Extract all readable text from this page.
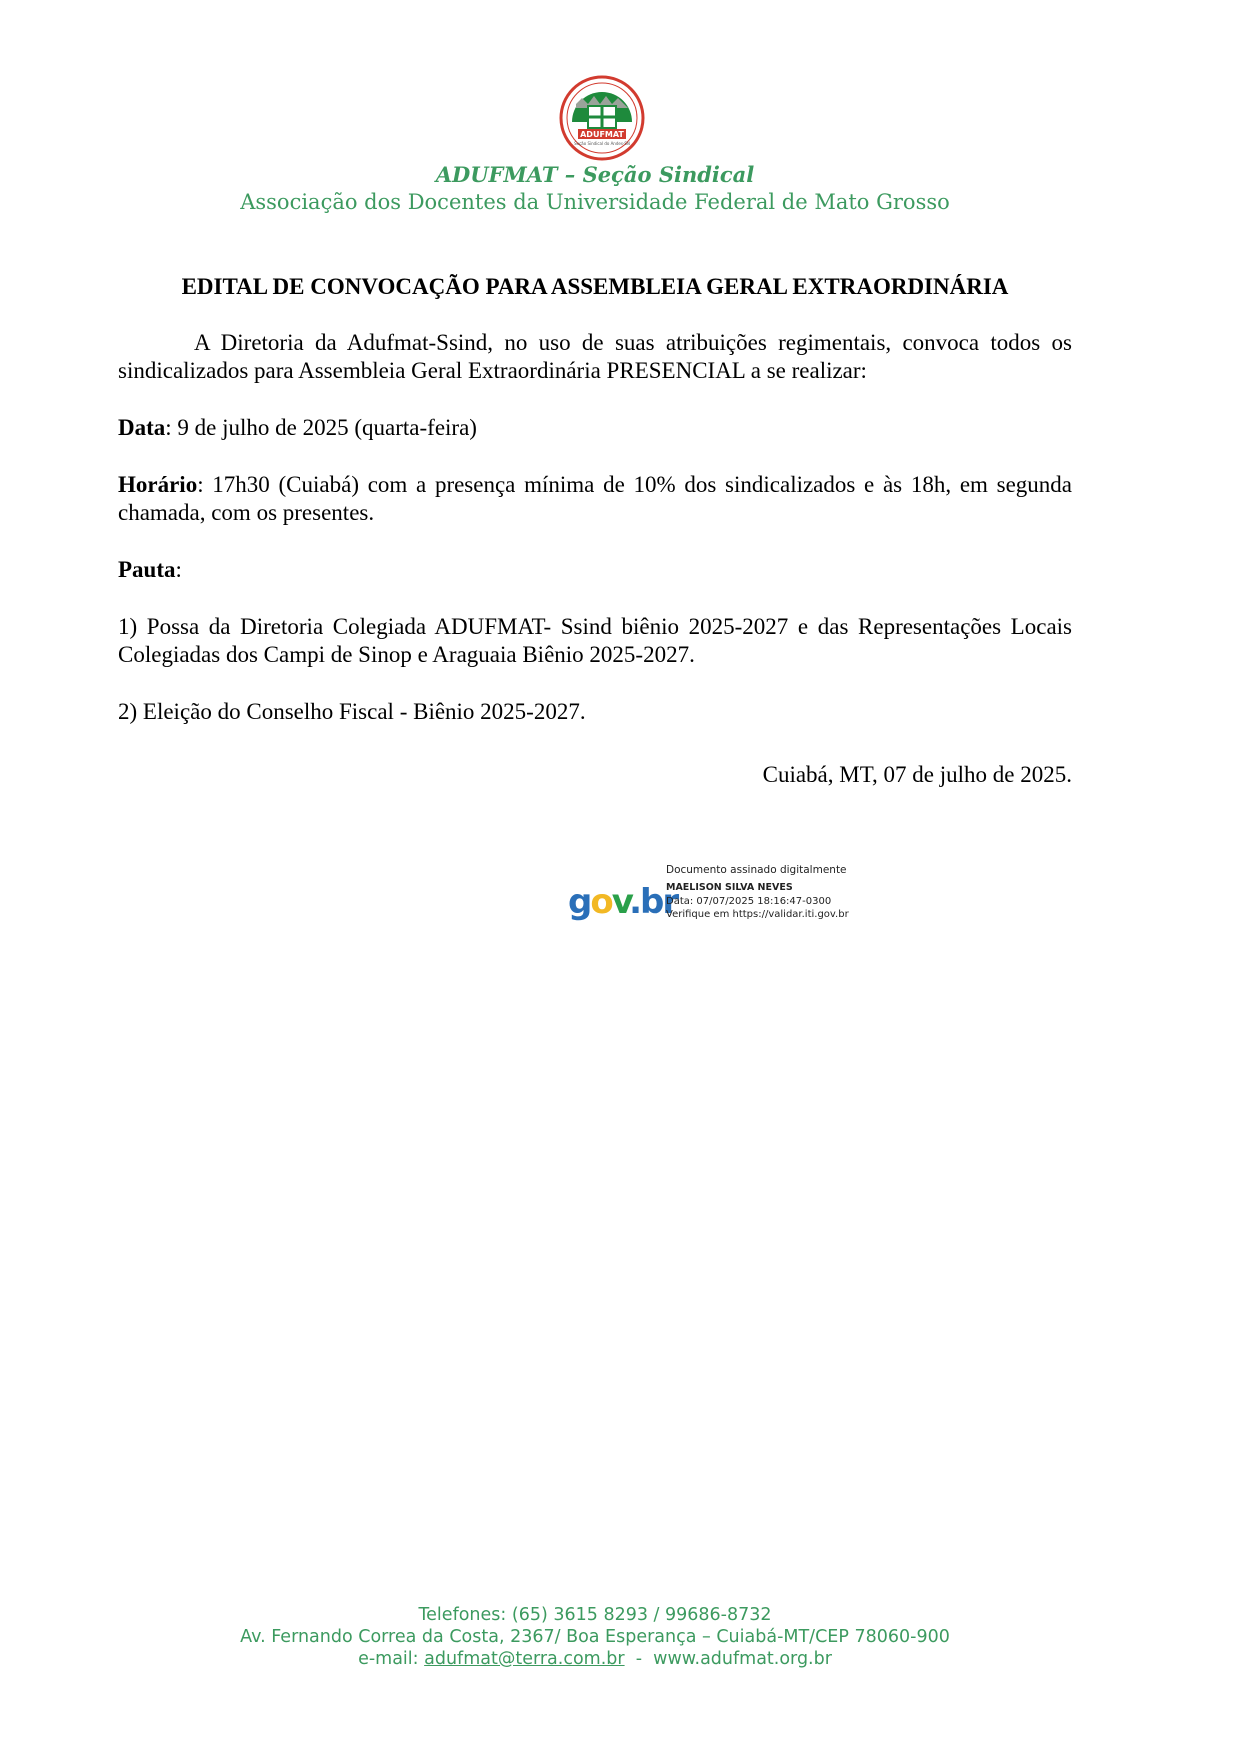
ADUFMAT
Seção Sindical do Andes-SN
ADUFMAT – Seção Sindical
Associação dos Docentes da Universidade Federal de Mato Grosso
EDITAL DE CONVOCAÇÃO PARA ASSEMBLEIA GERAL EXTRAORDINÁRIA

A Diretoria da Adufmat-Ssind, no uso de suas atribuições regimentais, convoca todos os sindicalizados para Assembleia Geral Extraordinária PRESENCIAL a se realizar:

Data: 9 de julho de 2025 (quarta-feira)

Horário: 17h30 (Cuiabá) com a presença mínima de 10% dos sindicalizados e às 18h, em segunda chamada, com os presentes.

Pauta:

1) Possa da Diretoria Colegiada ADUFMAT- Ssind biênio 2025-2027 e das Representações Locais Colegiadas dos Campi de Sinop e Araguaia Biênio 2025-2027.

2) Eleição do Conselho Fiscal - Biênio 2025-2027.

Cuiabá, MT, 07 de julho de 2025.
gov.br
Documento assinado digitalmente
MAELISON SILVA NEVES
Data: 07/07/2025 18:16:47-0300
Verifique em https://validar.iti.gov.br
Telefones: (65) 3615 8293 / 99686-8732
Av. Fernando Correa da Costa, 2367/ Boa Esperança – Cuiabá-MT/CEP 78060-900
e-mail: adufmat@terra.com.br  -  www.adufmat.org.br
